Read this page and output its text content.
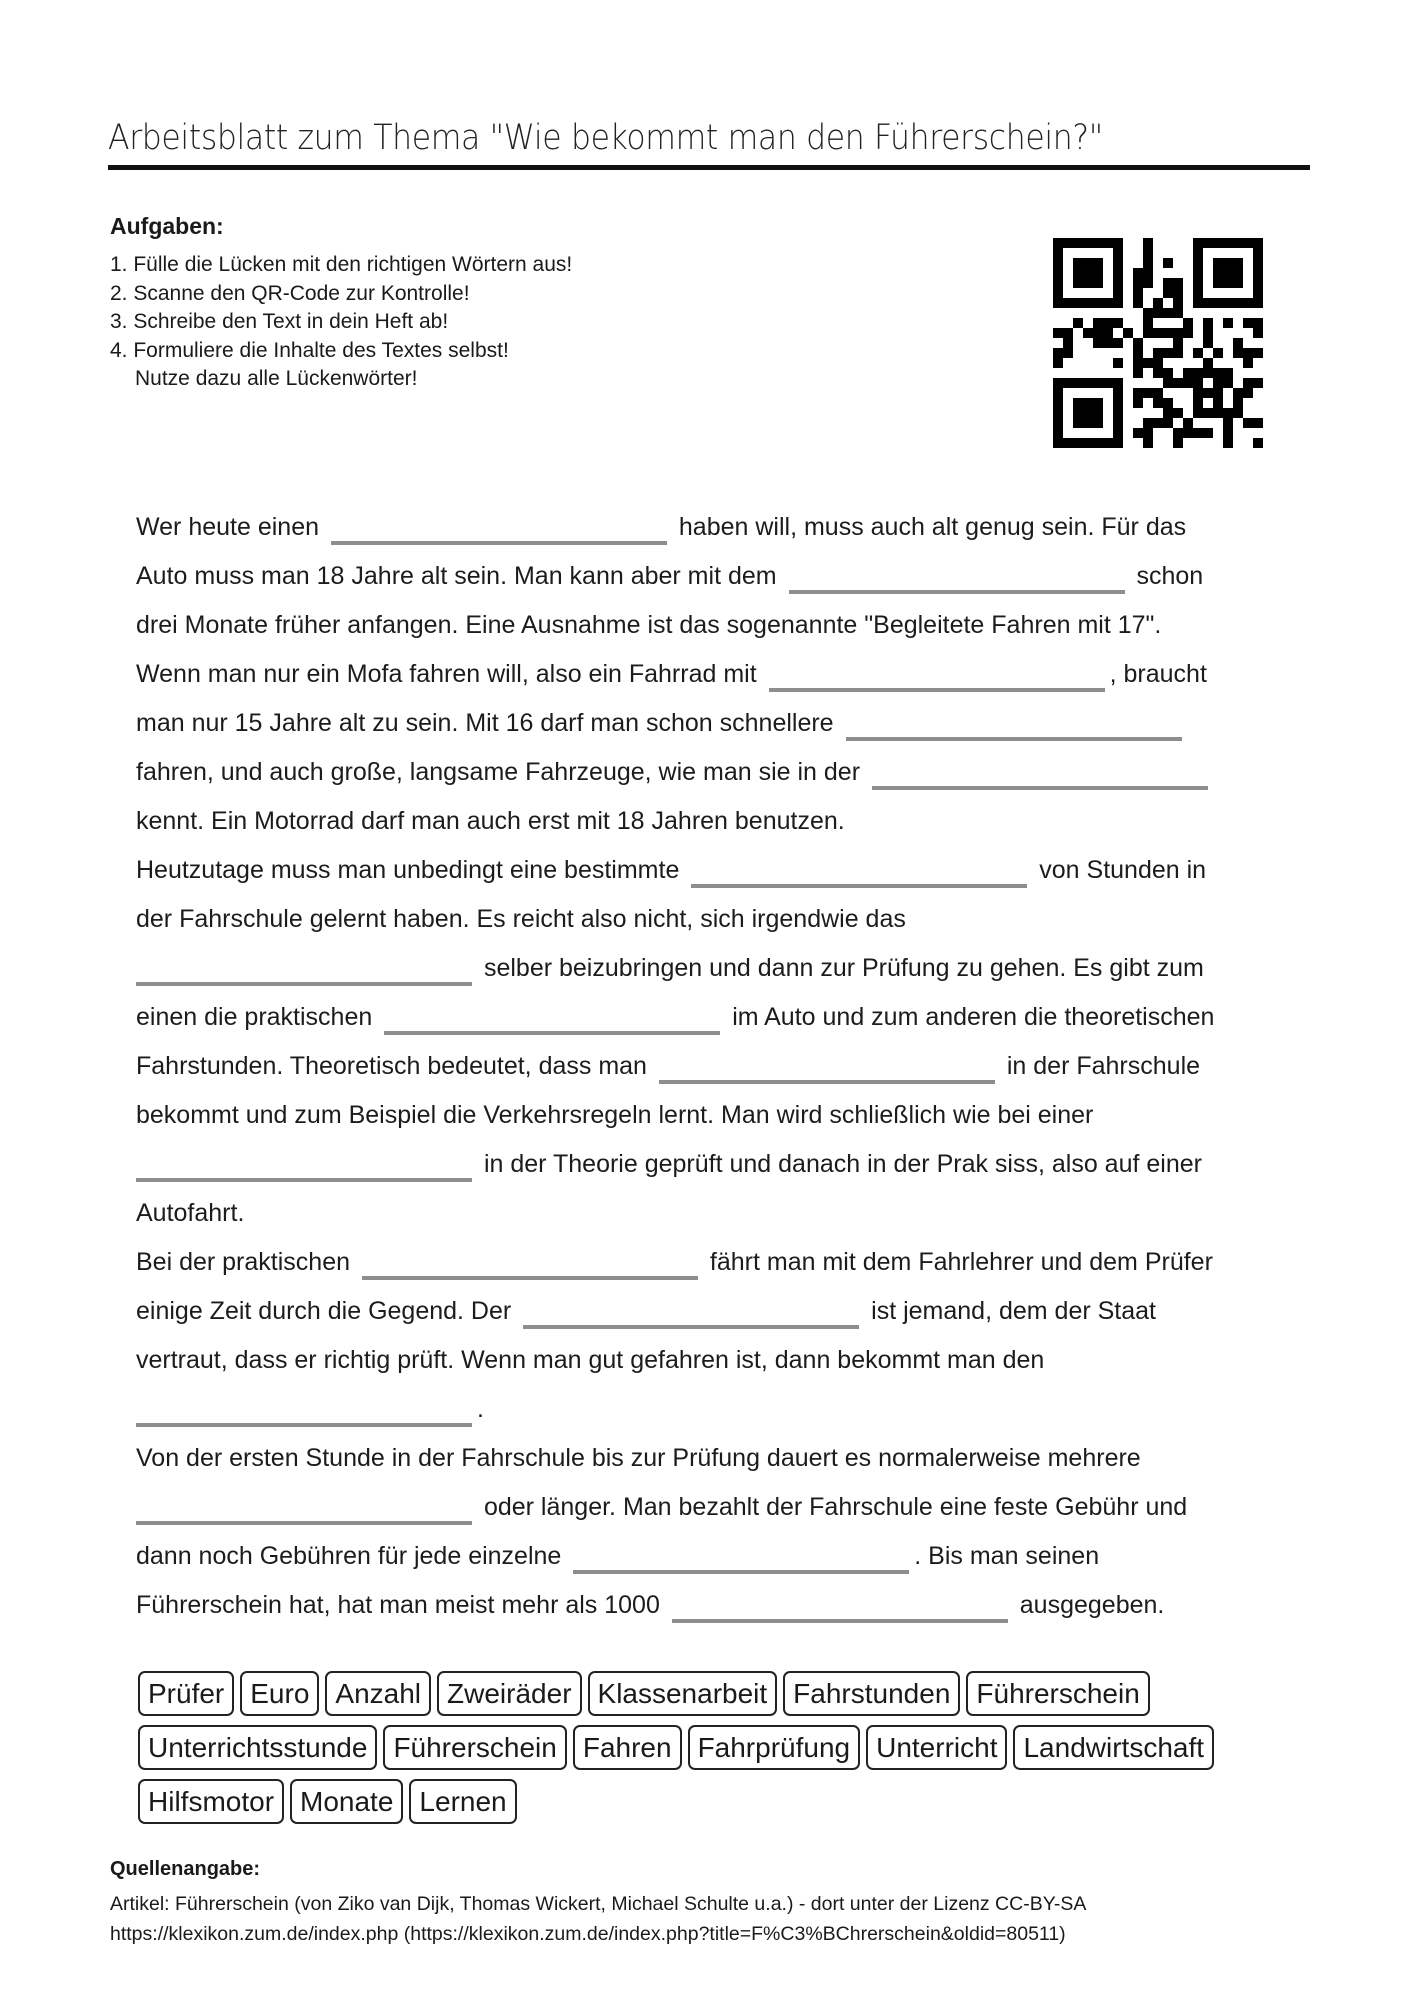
Arbeitsblatt zum Thema "Wie bekommt man den Führerschein?"
Aufgaben:
1. Fülle die Lücken mit den richtigen Wörtern aus!
2. Scanne den QR-Code zur Kontrolle!
3. Schreibe den Text in dein Heft ab!
4. Formuliere die Inhalte des Textes selbst!
Nutze dazu alle Lückenwörter!
Wer heute einen	haben will, muss auch alt genug sein. Für das
Auto muss man 18 Jahre alt sein. Man kann aber mit dem	schon
drei Monate früher anfangen. Eine Ausnahme ist das sogenannte "Begleitete Fahren mit 17".
Wenn man nur ein Mofa fahren will, also ein Fahrrad mit	, braucht
man nur 15 Jahre alt zu sein. Mit 16 darf man schon schnellere
fahren, und auch große, langsame Fahrzeuge, wie man sie in der
kennt. Ein Motorrad darf man auch erst mit 18 Jahren benutzen.
Heutzutage muss man unbedingt eine bestimmte	von Stunden in
der Fahrschule gelernt haben. Es reicht also nicht, sich irgendwie das
selber beizubringen und dann zur Prüfung zu gehen. Es gibt zum
einen die praktischen	im Auto und zum anderen die theoretischen
Fahrstunden. Theoretisch bedeutet, dass man	in der Fahrschule
bekommt und zum Beispiel die Verkehrsregeln lernt. Man wird schließlich wie bei einer
in der Theorie geprüft und danach in der Prak siss, also auf einer
Autofahrt.
Bei der praktischen	fährt man mit dem Fahrlehrer und dem Prüfer
einige Zeit durch die Gegend. Der	ist jemand, dem der Staat
vertraut, dass er richtig prüft. Wenn man gut gefahren ist, dann bekommt man den
.
Von der ersten Stunde in der Fahrschule bis zur Prüfung dauert es normalerweise mehrere
oder länger. Man bezahlt der Fahrschule eine feste Gebühr und
dann noch Gebühren für jede einzelne	. Bis man seinen
Führerschein hat, hat man meist mehr als 1000	ausgegeben.
Prüfer Euro Anzahl Zweiräder Klassenarbeit Fahrstunden Führerschein
Unterrichtsstunde Führerschein Fahren Fahrprüfung Unterricht Landwirtschaft
Hilfsmotor Monate Lernen
Quellenangabe:
Artikel: Führerschein (von Ziko van Dijk, Thomas Wickert, Michael Schulte u.a.) - dort unter der Lizenz CC-BY-SA
https://klexikon.zum.de/index.php (https://klexikon.zum.de/index.php?title=F%C3%BChrerschein&oldid=80511)
